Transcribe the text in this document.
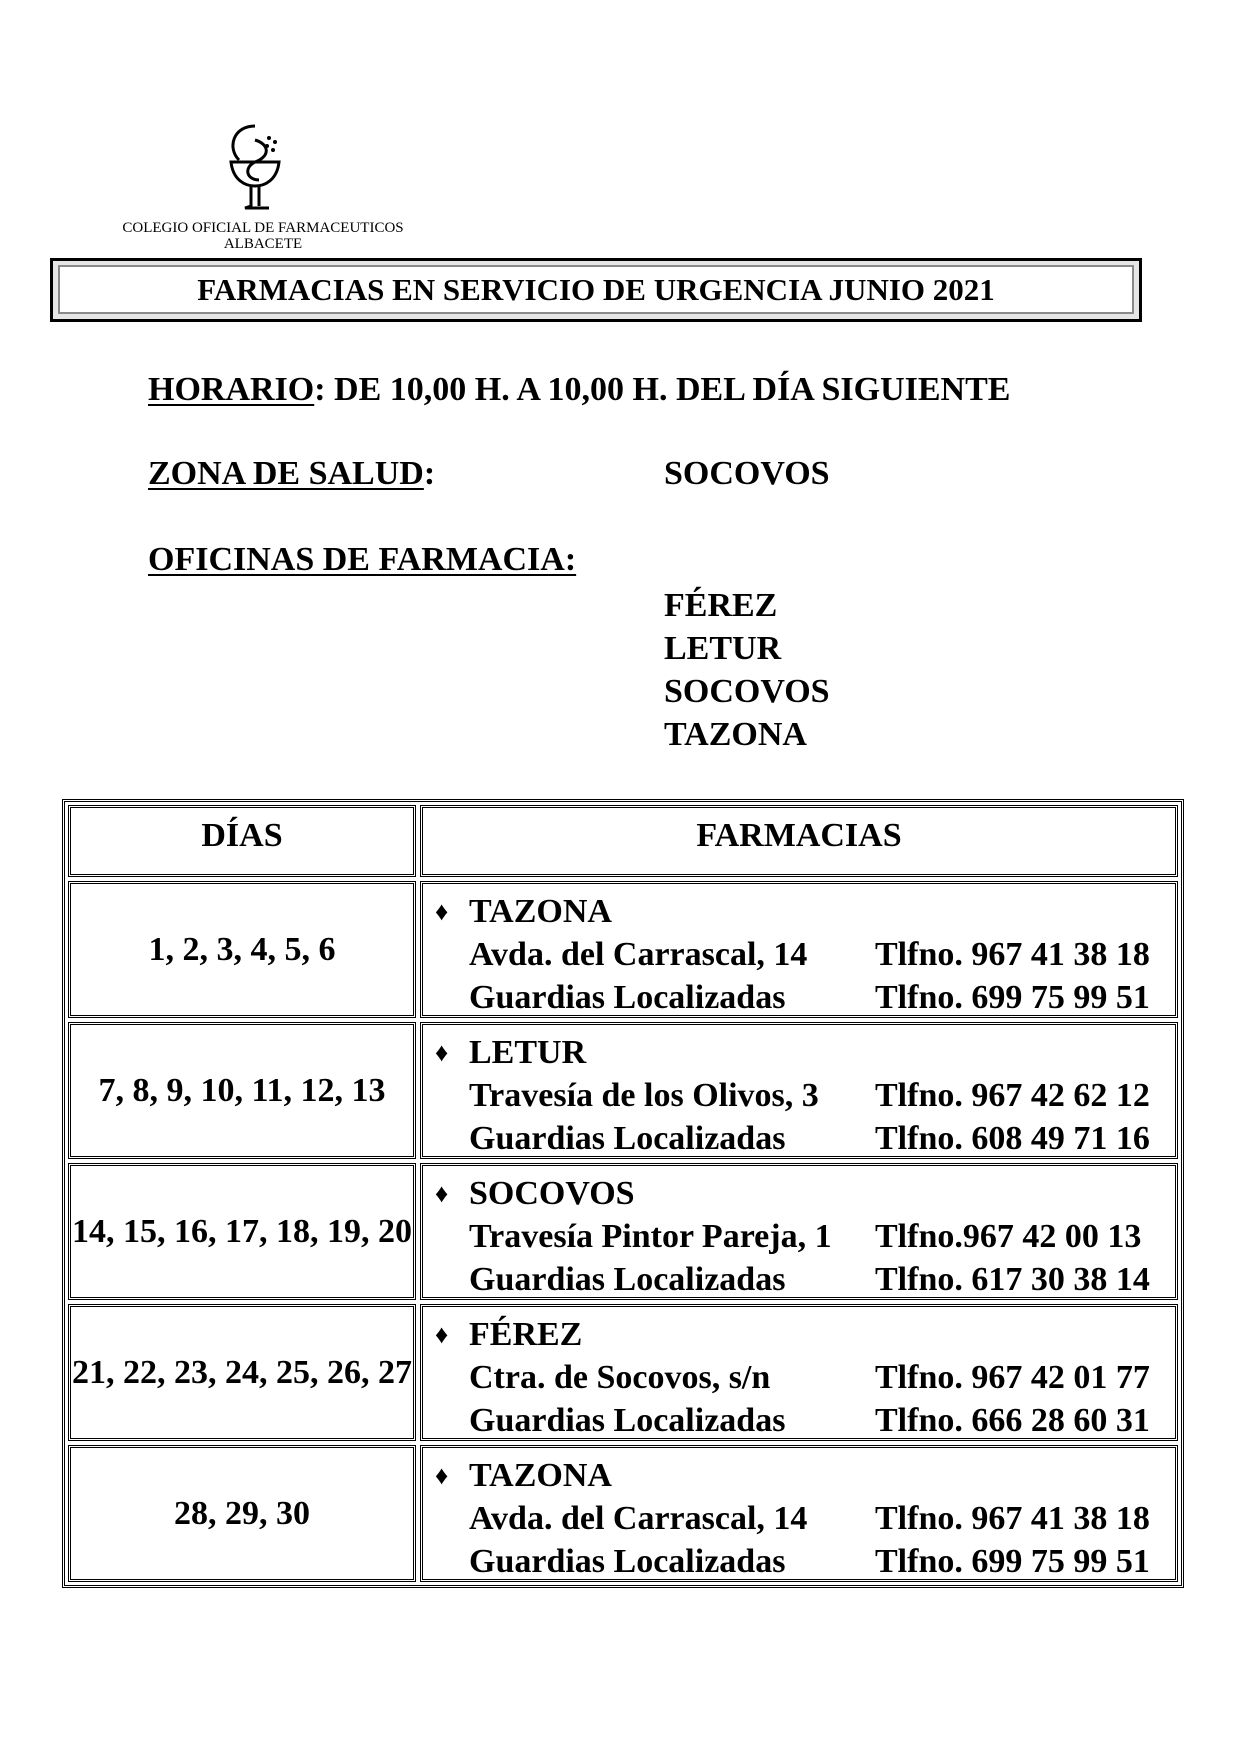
COLEGIO OFICIAL DE FARMACEUTICOS
ALBACETE
FARMACIAS EN SERVICIO DE URGENCIA JUNIO 2021
HORARIO: DE 10,00 H. A 10,00 H. DEL DÍA SIGUIENTE
ZONA DE SALUD:	SOCOVOS
OFICINAS DE FARMACIA:
FÉREZ
LETUR
SOCOVOS
TAZONA
DÍAS	FARMACIAS
1, 2, 3, 4, 5, 6
♦ TAZONA
Avda. del Carrascal, 14	Tlfno. 967 41 38 18
Guardias Localizadas	Tlfno. 699 75 99 51
7, 8, 9, 10, 11, 12, 13
♦ LETUR
Travesía de los Olivos, 3	Tlfno. 967 42 62 12
Guardias Localizadas	Tlfno. 608 49 71 16
14, 15, 16, 17, 18, 19, 20
♦ SOCOVOS
Travesía Pintor Pareja, 1	Tlfno.967 42 00 13
Guardias Localizadas	Tlfno. 617 30 38 14
21, 22, 23, 24, 25, 26, 27
♦ FÉREZ
Ctra. de Socovos, s/n	Tlfno. 967 42 01 77
Guardias Localizadas	Tlfno. 666 28 60 31
28, 29, 30
♦ TAZONA
Avda. del Carrascal, 14	Tlfno. 967 41 38 18
Guardias Localizadas	Tlfno. 699 75 99 51
